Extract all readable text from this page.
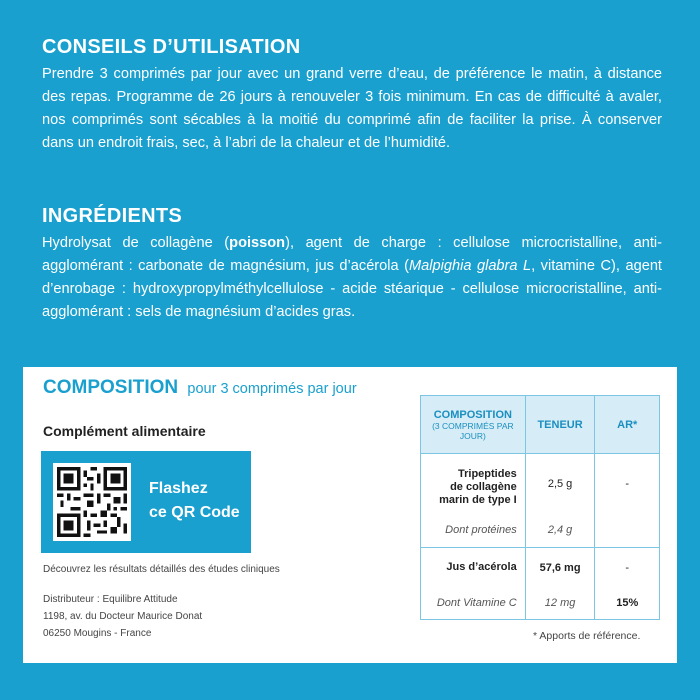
CONSEILS D’UTILISATION

Prendre 3 comprimés par jour avec un grand verre d’eau, de préférence le matin, à distance des repas. Programme de 26 jours à renouveler 3 fois minimum. En cas de difficulté à avaler, nos comprimés sont sécables à la moitié du comprimé afin de faciliter la prise. À conserver dans un endroit frais, sec, à l’abri de la chaleur et de l’humidité.

INGRÉDIENTS

Hydrolysat de collagène (poisson), agent de charge : cellulose microcristalline, anti-agglomérant : carbonate de magnésium, jus d’acérola (Malpighia glabra L, vitamine C), agent d’enrobage : hydroxypropylméthylcellulose - acide stéarique - cellulose microcristalline, anti-agglomérant : sels de magnésium d’acides gras.

COMPOSITION pour 3 comprimés par jour
Complément alimentaire
Flashez
ce QR Code
Découvrez les résultats détaillés des études cliniques
Distributeur : Equilibre Attitude
1198, av. du Docteur Maurice Donat
06250 Mougins - France
COMPOSITION
(3 COMPRIMÉS PAR JOUR)	TENEUR	AR*

Tripeptides
de collagène
marin de type I	2,5 g	-
Dont protéines	2,4 g	
Jus d’acérola	57,6 mg	-
Dont Vitamine C	12 mg	15%
* Apports de référence.
